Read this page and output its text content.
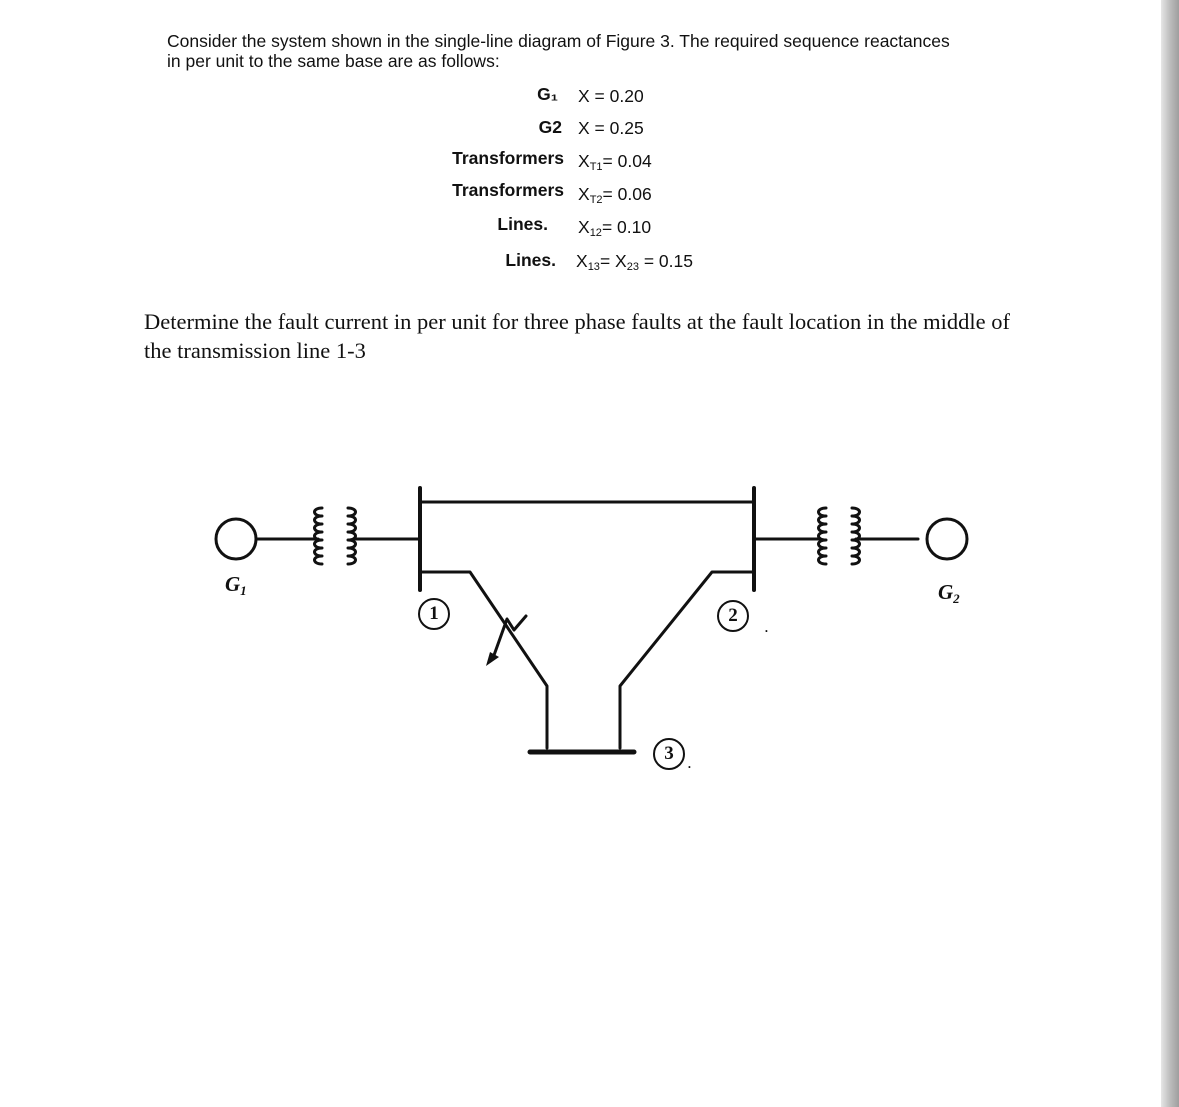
Consider the system shown in the single-line diagram of Figure 3. The required sequence reactances
in per unit to the same base are as follows:
G₁ X = 0.20
G2 X = 0.25
Transformers $X_{T1}= 0.04$
Transformers $X_{T2}= 0.06$
Lines. $X_{12}= 0.10$
Lines. $X_{13}= X_{23} = 0.15$
Determine the fault current in per unit for three phase faults at the fault location in the middle of
the transmission line 1-3
$G_1$	$G_2$
1	2	.
3 .
